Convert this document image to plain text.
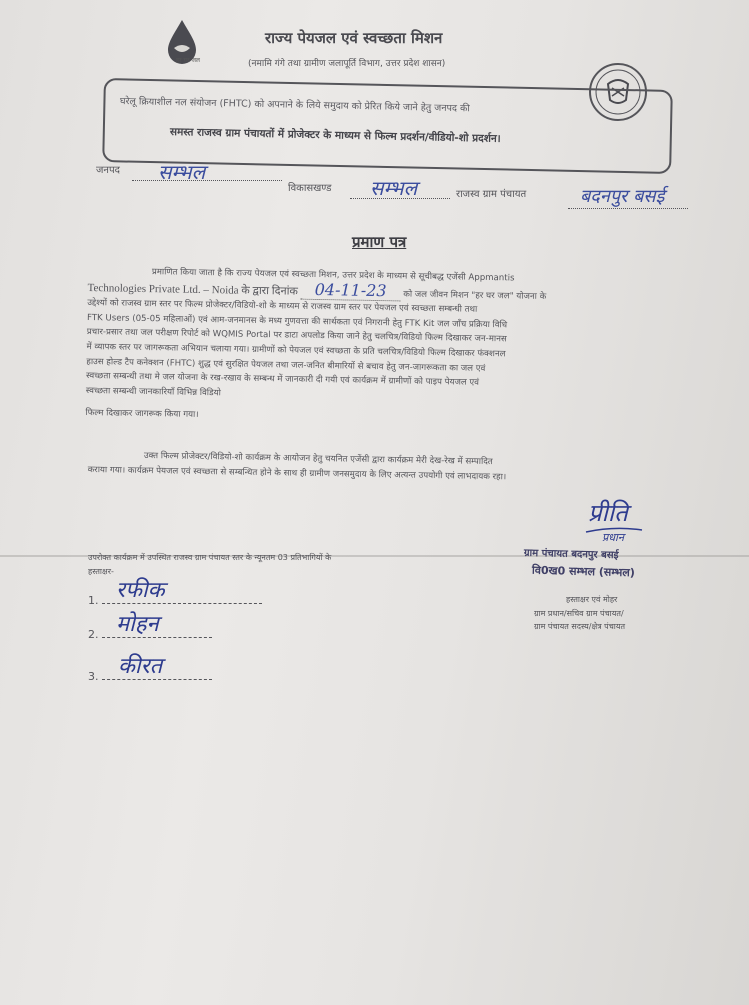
हर घर जल
राज्य पेयजल एवं स्वच्छता मिशन
(नमामि गंगे तथा ग्रामीण जलापूर्ति विभाग, उत्तर प्रदेश शासन)
घरेलू क्रियाशील नल संयोजन (FHTC) को अपनाने के लिये समुदाय को प्रेरित किये जाने हेतु जनपद की
समस्त राजस्व ग्राम पंचायतों में प्रोजेक्टर के माध्यम से फिल्म प्रदर्शन/वीडियो-शो प्रदर्शन।
जनपद सम्भल
विकासखण्ड सम्भल	राजस्व ग्राम पंचायत	बदनपुर बसई
प्रमाण पत्र
प्रमाणित किया जाता है कि राज्य पेयजल एवं स्वच्छता मिशन, उत्तर प्रदेश के माध्यम से सूचीबद्ध एजेंसी Appmantis
Technologies Private Ltd. – Noida के द्वारा दिनांक 04-11-23 को जल जीवन मिशन "हर घर जल" योजना के
उद्देश्यों को राजस्व ग्राम स्तर पर फिल्म प्रोजेक्टर/विडियो-शो के माध्यम से राजस्व ग्राम स्तर पर पेयजल एवं स्वच्छता सम्बन्धी तथा
FTK Users (05-05 महिलाओं) एवं आम-जनमानस के मध्य गुणवत्ता की सार्थकता एवं निगरानी हेतु FTK Kit जल जाँच प्रक्रिया विधि
प्रचार-प्रसार तथा जल परीक्षण रिपोर्ट को WQMIS Portal पर डाटा अपलोड किया जाने हेतु चलचित्र/विडियो फिल्म दिखाकर जन-मानस
में व्यापक स्तर पर जागरूकता अभियान चलाया गया। ग्रामीणों को पेयजल एवं स्वच्छता के प्रति चलचित्र/विडियो फिल्म दिखाकर फंक्शनल
हाउस होल्ड टैप कनेक्शन (FHTC) शुद्ध एवं सुरक्षित पेयजल तथा जल-जनित बीमारियों से बचाव हेतु जन-जागरूकता का जल एवं
स्वच्छता सम्बन्धी तथा मे जल योजना के रख-रखाव के सम्बन्ध में जानकारी दी गयी एवं कार्यक्रम में ग्रामीणों को पाइप पेयजल एवं
स्वच्छता सम्बन्धी जानकारियाँ विभिन्न विडियो
फिल्म दिखाकर जागरूक किया गया।
उक्त फिल्म प्रोजेक्टर/विडियो-शो कार्यक्रम के आयोजन हेतु चयनित एजेंसी द्वारा कार्यक्रम मेरी देख-रेख में सम्पादित
कराया गया। कार्यक्रम पेयजल एवं स्वच्छता से सम्बन्धित होने के साथ ही ग्रामीण जनसमुदाय के लिए अत्यन्त उपयोगी एवं लाभदायक रहा।
प्रीति
प्रधान
ग्राम पंचायत बदनपुर बसई
वि0ख0 सम्भल (सम्भल)
हस्ताक्षर एवं मोहर
ग्राम प्रधान/सचिव ग्राम पंचायत/
ग्राम पंचायत सदस्य/क्षेत्र पंचायत
उपरोक्त कार्यक्रम में उपस्थित राजस्व ग्राम पंचायत स्तर के न्यूनतम 03 प्रतिभागियों के
हस्ताक्षर-
1. रफीक
2. मोहन
3. कीरत
